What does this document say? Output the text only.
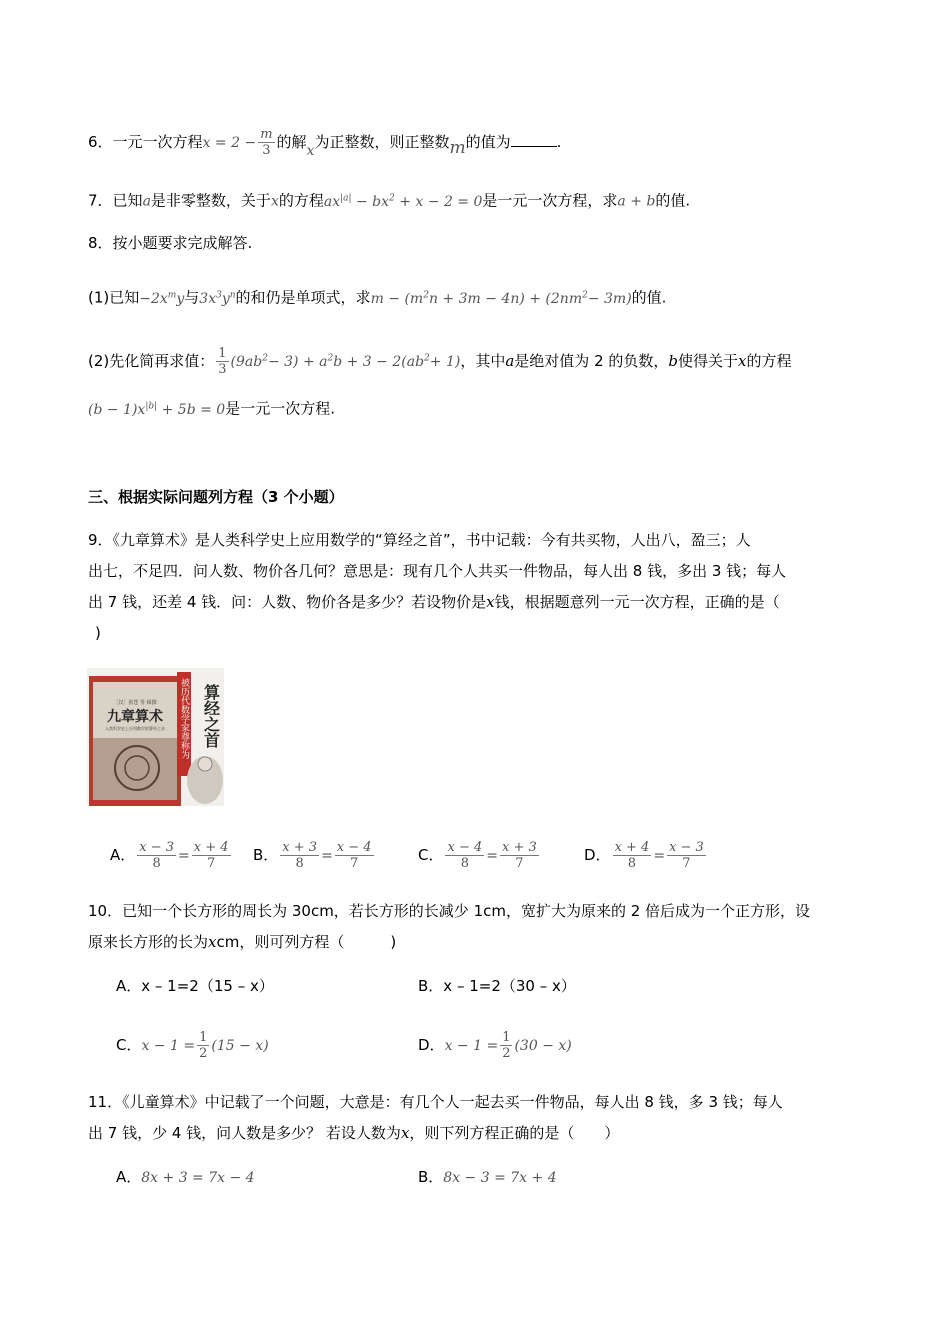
6．一元一次方程$x = 2 - \frac{m}{3}$ 的解x为正整数，则正整数m的值为	.
7．已知a是非零整数，关于x的方程$ax^{|a|} - bx^2 + x - 2 = 0$是一元一次方程，求a + b的值.
8．按小题要求完成解答.
(1)已知$-2x^my$与$3x^3y^n$的和仍是单项式，求$m - (m^2n + 3m - 4n) + (2nm^2- 3m)$的值.
(2)先化简再求值： $\frac{1}{3} (9ab^2- 3) + a^2b + 3 - 2(ab^2+ 1)$，其中a是绝对值为 2 的负数，b使得关于x的方程
$(b - 1)x^{|b|} + 5b = 0$是一元一次方程.
三、根据实际问题列方程（3 个小题）
9．《九章算术》是人类科学史上应用数学的“算经之首”，书中记载：今有共买物，人出八，盈三；人
出七，不足四．问人数、物价各几何？意思是：现有几个人共买一件物品，每人出 8 钱，多出 3 钱；每人
出 7 钱，还差 4 钱．问：人数、物价各是多少？若设物价是x钱，根据题意列一元一次方程，正确的是（
)
［汉］张苍 等 辑撰
九章算术
人类科学史上应用数学的算经之首 被历代数学家尊称为 算经之首
A． $\frac{x - 3}{8} = \frac{x + 4}{7}$ B． $\frac{x + 3}{8} = \frac{x - 4}{7}$	C． $\frac{x - 4}{8} = \frac{x + 3}{7}$	D． $\frac{x + 4}{8} = \frac{x - 3}{7}$
10．已知一个长方形的周长为 30cm，若长方形的长减少 1cm，宽扩大为原来的 2 倍后成为一个正方形，设
原来长方形的长为xcm，则可列方程（	)
A．x – 1=2（15 – x）	B．x – 1=2（30 – x）
C．$x - 1 = \frac{1}{2} (15 - x)$	D．$x - 1 = \frac{1}{2} (30 - x)$
11．《儿童算术》中记载了一个问题，大意是：有几个人一起去买一件物品，每人出 8 钱，多 3 钱；每人
出 7 钱，少 4 钱，问人数是多少？ 若设人数为x，则下列方程正确的是（ ）
A．8x + 3 = 7x − 4	B．8x − 3 = 7x + 4
